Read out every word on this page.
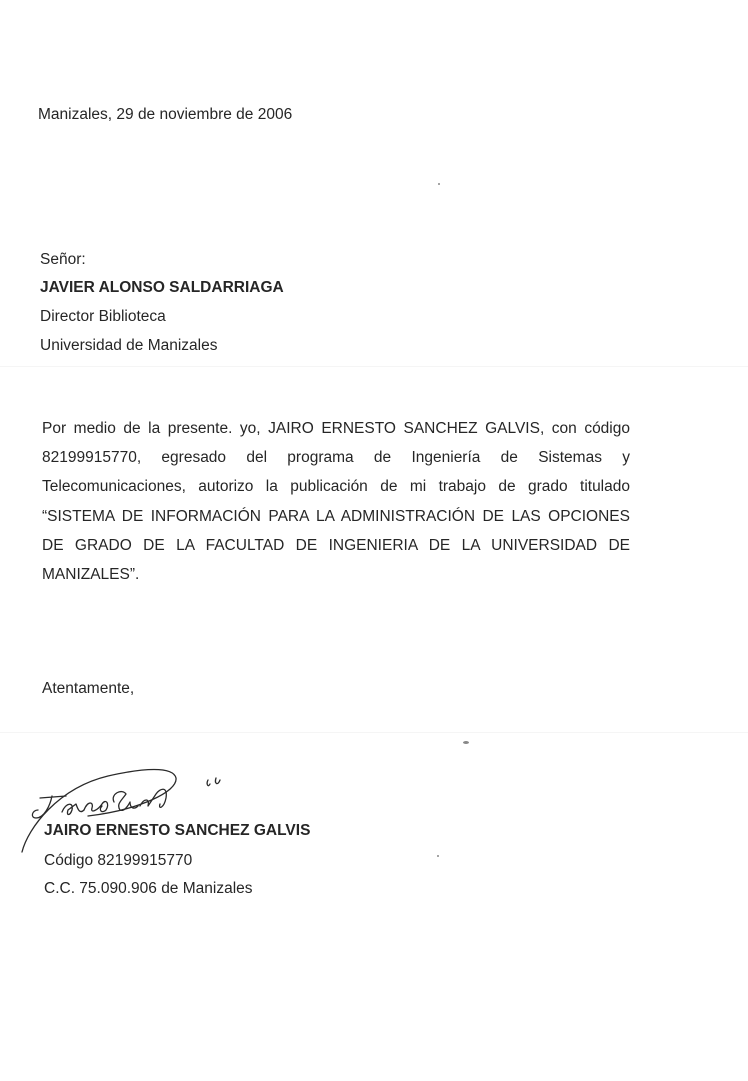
Manizales, 29 de noviembre de 2006
Señor:
JAVIER ALONSO SALDARRIAGA
Director Biblioteca
Universidad de Manizales
Por medio de la presente. yo, JAIRO ERNESTO SANCHEZ GALVIS, con código 82199915770, egresado del programa de Ingeniería de Sistemas y Telecomunicaciones, autorizo la publicación de mi trabajo de grado titulado “SISTEMA DE INFORMACIÓN PARA LA ADMINISTRACIÓN DE LAS OPCIONES DE GRADO DE LA FACULTAD DE INGENIERIA DE LA UNIVERSIDAD DE MANIZALES”.
Atentamente,
JAIRO ERNESTO SANCHEZ GALVIS
Código 82199915770
C.C. 75.090.906 de Manizales
